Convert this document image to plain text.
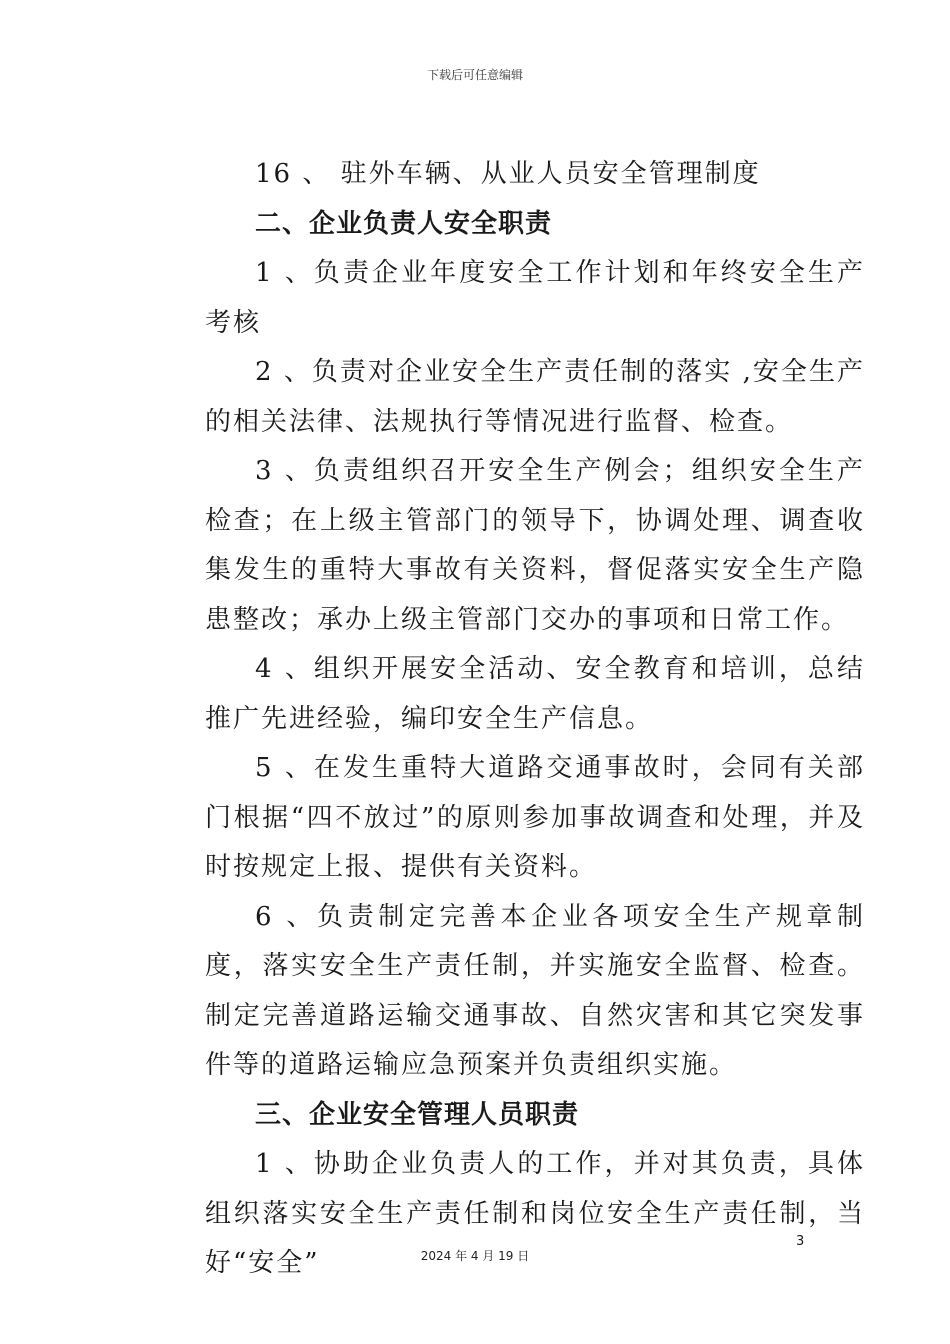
下载后可任意编辑

16 、 驻外车辆、从业人员安全管理制度

二、企业负责人安全职责

1 、负责企业年度安全工作计划和年终安全生产考核

2 、负责对企业安全生产责任制的落实 ,安全生产的相关法律、法规执行等情况进行监督、检查。

3 、负责组织召开安全生产例会；组织安全生产检查；在上级主管部门的领导下，协调处理、调查收集发生的重特大事故有关资料，督促落实安全生产隐患整改；承办上级主管部门交办的事项和日常工作。

4 、组织开展安全活动、安全教育和培训，总结推广先进经验，编印安全生产信息。

5 、在发生重特大道路交通事故时，会同有关部门根据“四不放过”的原则参加事故调查和处理，并及时按规定上报、提供有关资料。

6 、负责制定完善本企业各项安全生产规章制度，落实安全生产责任制，并实施安全监督、检查。制定完善道路运输交通事故、自然灾害和其它突发事件等的道路运输应急预案并负责组织实施。

三、企业安全管理人员职责

1 、协助企业负责人的工作，并对其负责，具体组织落实安全生产责任制和岗位安全生产责任制，当好“安全”

3
2024 年 4 月 19 日
